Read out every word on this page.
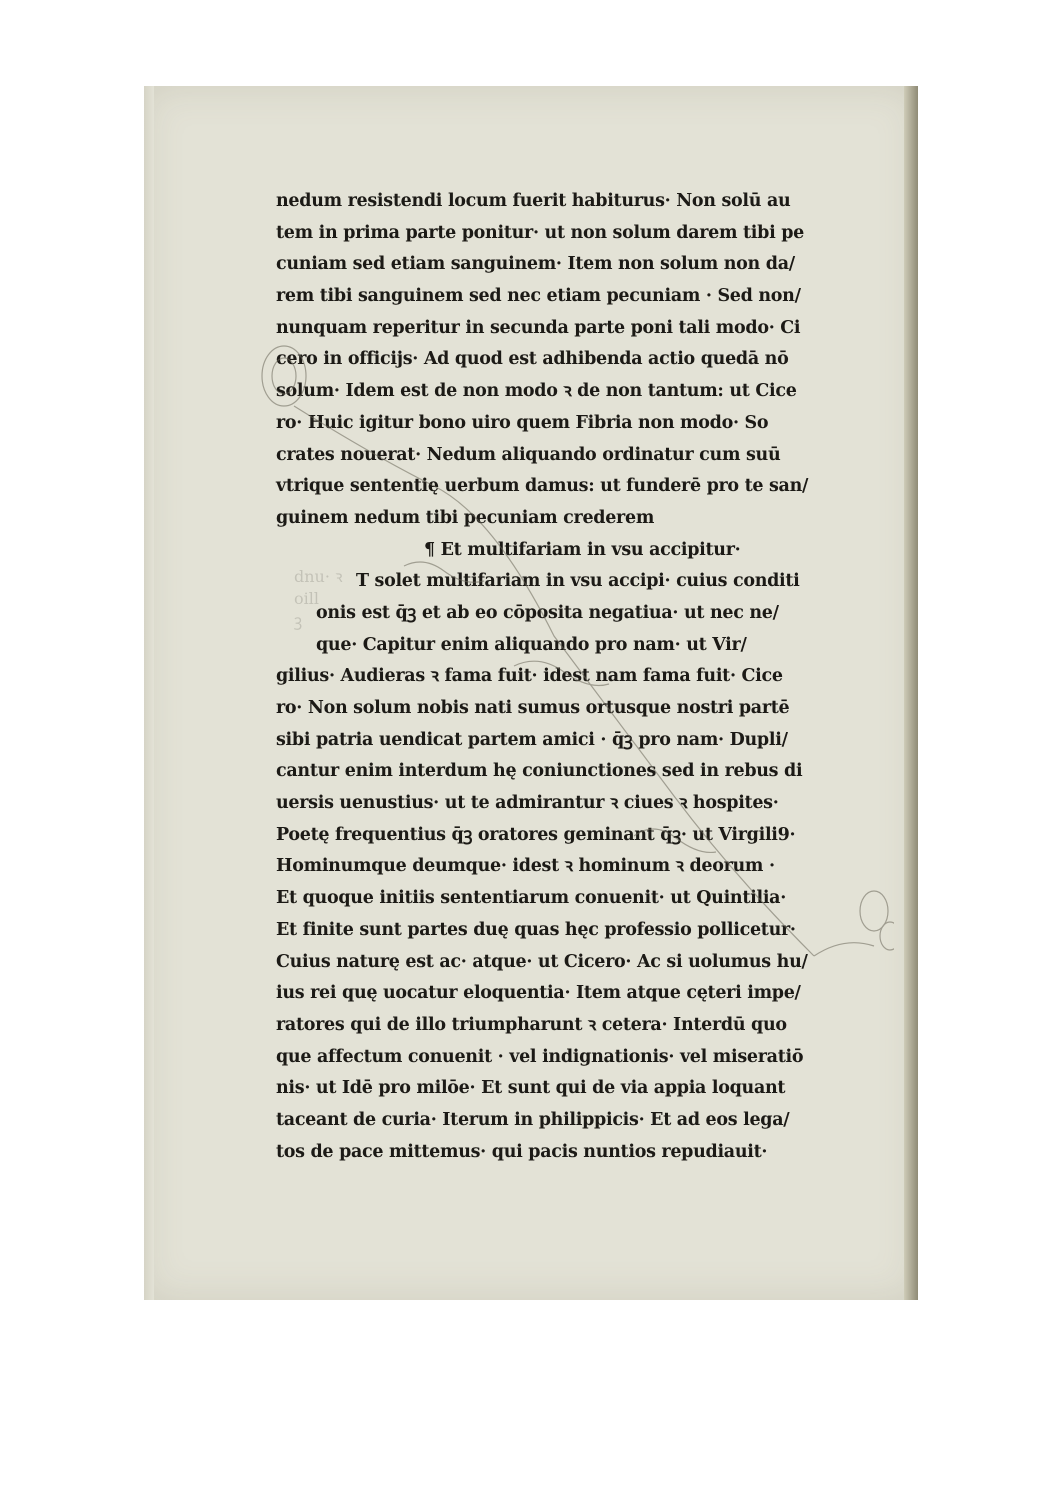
dnu· ꝛ
oill
ꝫ
nedum resistendi locum fuerit habiturus· Non solū au
tem in prima parte ponitur· ut non solum darem tibi pe
cuniam sed etiam sanguinem· Item non solum non da/
rem tibi sanguinem sed nec etiam pecuniam · Sed non/
nunquam reperitur in secunda parte poni tali modo· Ci
cero in officijs· Ad quod est adhibenda actio quedā nō
solum· Idem est de non modo ꝛ de non tantum: ut Cice
ro· Huic igitur bono uiro quem Fibria non modo· So
crates nouerat· Nedum aliquando ordinatur cum suū
vtrique sententię uerbum damus: ut funderē pro te san/
guinem nedum tibi pecuniam crederem
¶ Et multifariam in vsu accipitur·
T solet multifariam in vsu accipi· cuius conditi
onis est q̄ꝫ et ab eo cōposita negatiua· ut nec ne/
que· Capitur enim aliquando pro nam· ut Vir/
gilius· Audieras ꝛ fama fuit· idest nam fama fuit· Cice
ro· Non solum nobis nati sumus ortusque nostri partē
sibi patria uendicat partem amici · q̄ꝫ pro nam· Dupli/
cantur enim interdum hę coniunctiones sed in rebus di
uersis uenustius· ut te admirantur ꝛ ciues ꝛ hospites·
Poetę frequentius q̄ꝫ oratores geminant q̄ꝫ· ut Virgili9·
Hominumque deumque· idest ꝛ hominum ꝛ deorum ·
Et quoque initiis sententiarum conuenit· ut Quintilia·
Et finite sunt partes duę quas hęc professio pollicetur·
Cuius naturę est ac· atque· ut Cicero· Ac si uolumus hu/
ius rei quę uocatur eloquentia· Item atque cęteri impe/
ratores qui de illo triumpharunt ꝛ cetera· Interdū quo
que affectum conuenit · vel indignationis· vel miseratiō
nis· ut Idē pro milōe· Et sunt qui de via appia loquant
taceant de curia· Iterum in philippicis· Et ad eos lega/
tos de pace mittemus· qui pacis nuntios repudiauit·
